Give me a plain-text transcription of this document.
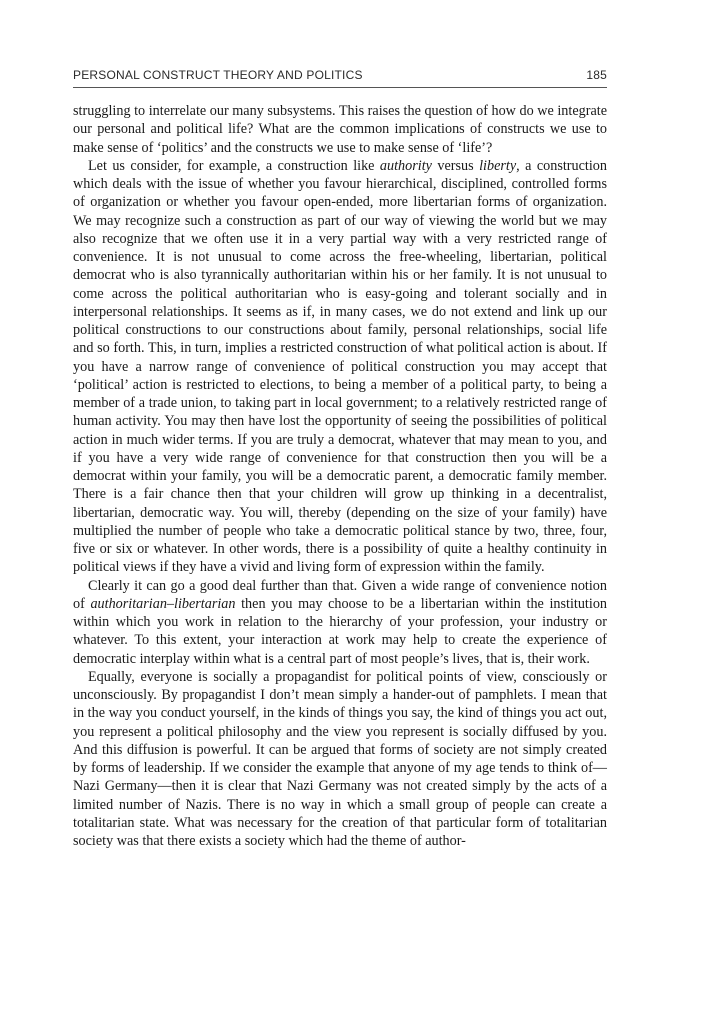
PERSONAL CONSTRUCT THEORY AND POLITICS	185

struggling to interrelate our many subsystems. This raises the question of how do we integrate our personal and political life? What are the common implications of constructs we use to make sense of ‘politics’ and the constructs we use to make sense of ‘life’?

Let us consider, for example, a construction like authority versus liberty, a construction which deals with the issue of whether you favour hierarchical, disciplined, controlled forms of organization or whether you favour open-ended, more libertarian forms of organization. We may recognize such a construction as part of our way of viewing the world but we may also recognize that we often use it in a very partial way with a very restricted range of convenience. It is not unusual to come across the free-wheeling, libertarian, political democrat who is also tyrannically authoritarian within his or her family. It is not unusual to come across the political authoritarian who is easy-going and tolerant socially and in interpersonal relationships. It seems as if, in many cases, we do not extend and link up our political constructions to our constructions about family, personal relationships, social life and so forth. This, in turn, implies a restricted construction of what political action is about. If you have a narrow range of convenience of political construction you may accept that ‘political’ action is restricted to elections, to being a member of a political party, to being a member of a trade union, to taking part in local government; to a relatively restricted range of human activity. You may then have lost the opportunity of seeing the possibilities of political action in much wider terms. If you are truly a democrat, whatever that may mean to you, and if you have a very wide range of convenience for that construction then you will be a democrat within your family, you will be a democratic parent, a democratic family member. There is a fair chance then that your children will grow up thinking in a decentralist, libertarian, democratic way. You will, thereby (depending on the size of your family) have multiplied the number of people who take a democratic political stance by two, three, four, five or six or whatever. In other words, there is a possibility of quite a healthy continuity in political views if they have a vivid and living form of expression within the family.

Clearly it can go a good deal further than that. Given a wide range of convenience notion of authoritarian–libertarian then you may choose to be a libertarian within the institution within which you work in relation to the hierarchy of your profession, your industry or whatever. To this extent, your interaction at work may help to create the experience of democratic interplay within what is a central part of most people’s lives, that is, their work.

Equally, everyone is socially a propagandist for political points of view, consciously or unconsciously. By propagandist I don’t mean simply a hander-out of pamphlets. I mean that in the way you conduct yourself, in the kinds of things you say, the kind of things you act out, you represent a political philosophy and the view you represent is socially diffused by you. And this diffusion is powerful. It can be argued that forms of society are not simply created by forms of leadership. If we consider the example that anyone of my age tends to think of—Nazi Germany—then it is clear that Nazi Germany was not created simply by the acts of a limited number of Nazis. There is no way in which a small group of people can create a totalitarian state. What was necessary for the creation of that particular form of totalitarian society was that there exists a society which had the theme of author-
